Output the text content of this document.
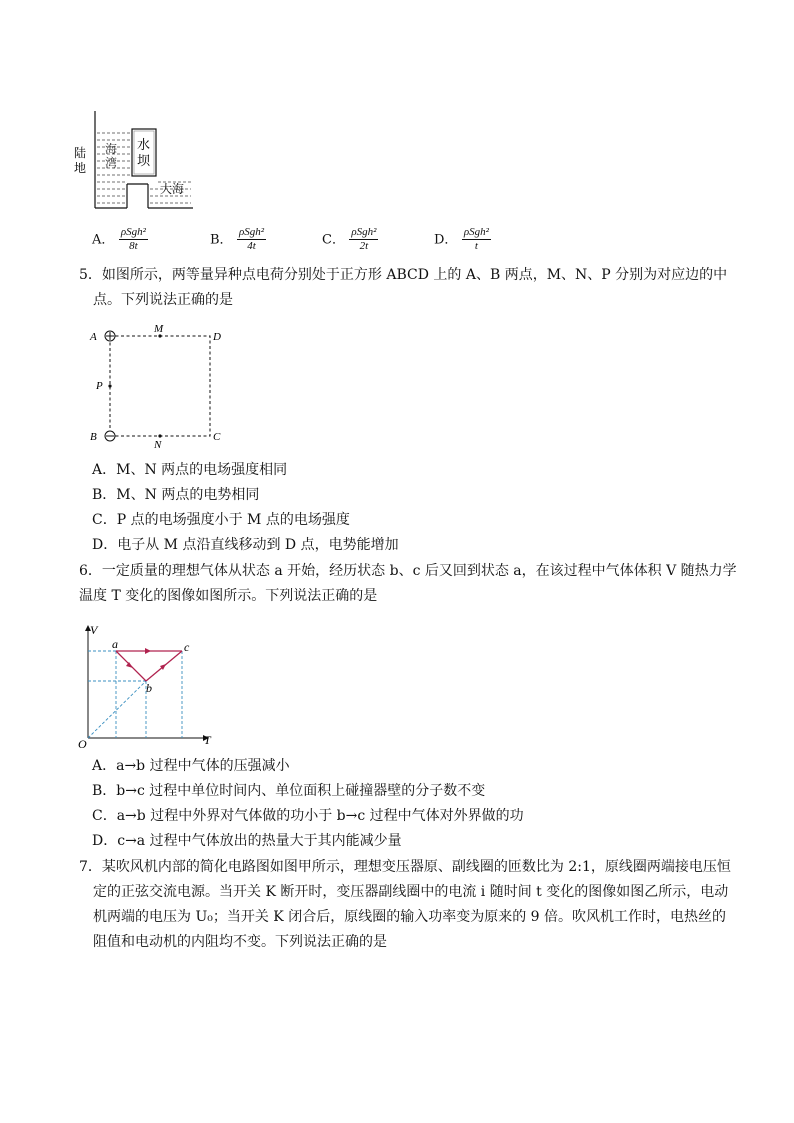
水
坝
海
湾
大海
陆
地
A． $\frac{\text{ρSgh²}}{8t}$	B． $\frac{\text{ρSgh²}}{4t}$	C． $\frac{\text{ρSgh²}}{2t}$	D． $\frac{\text{ρSgh²}}{t}$
5．如图所示，两等量异种点电荷分别处于正方形 ABCD 上的 A、B 两点，M、N、P 分别为对应边的中
点。下列说法正确的是
A
B	C
D
M
N
P
A．M、N 两点的电场强度相同
B．M、N 两点的电势相同
C．P 点的电场强度小于 M 点的电场强度
D．电子从 M 点沿直线移动到 D 点，电势能增加
6．一定质量的理想气体从状态 a 开始，经历状态 b、c 后又回到状态 a，在该过程中气体体积 V 随热力学
温度 T 变化的图像如图所示。下列说法正确的是
V
T
O
a
b
c
A．a→b 过程中气体的压强减小
B．b→c 过程中单位时间内、单位面积上碰撞器壁的分子数不变
C．a→b 过程中外界对气体做的功小于 b→c 过程中气体对外界做的功
D．c→a 过程中气体放出的热量大于其内能减少量
7．某吹风机内部的简化电路图如图甲所示，理想变压器原、副线圈的匝数比为 2:1，原线圈两端接电压恒
定的正弦交流电源。当开关 K 断开时，变压器副线圈中的电流 i 随时间 t 变化的图像如图乙所示，电动
机两端的电压为 U₀；当开关 K 闭合后，原线圈的输入功率变为原来的 9 倍。吹风机工作时，电热丝的
阻值和电动机的内阻均不变。下列说法正确的是
